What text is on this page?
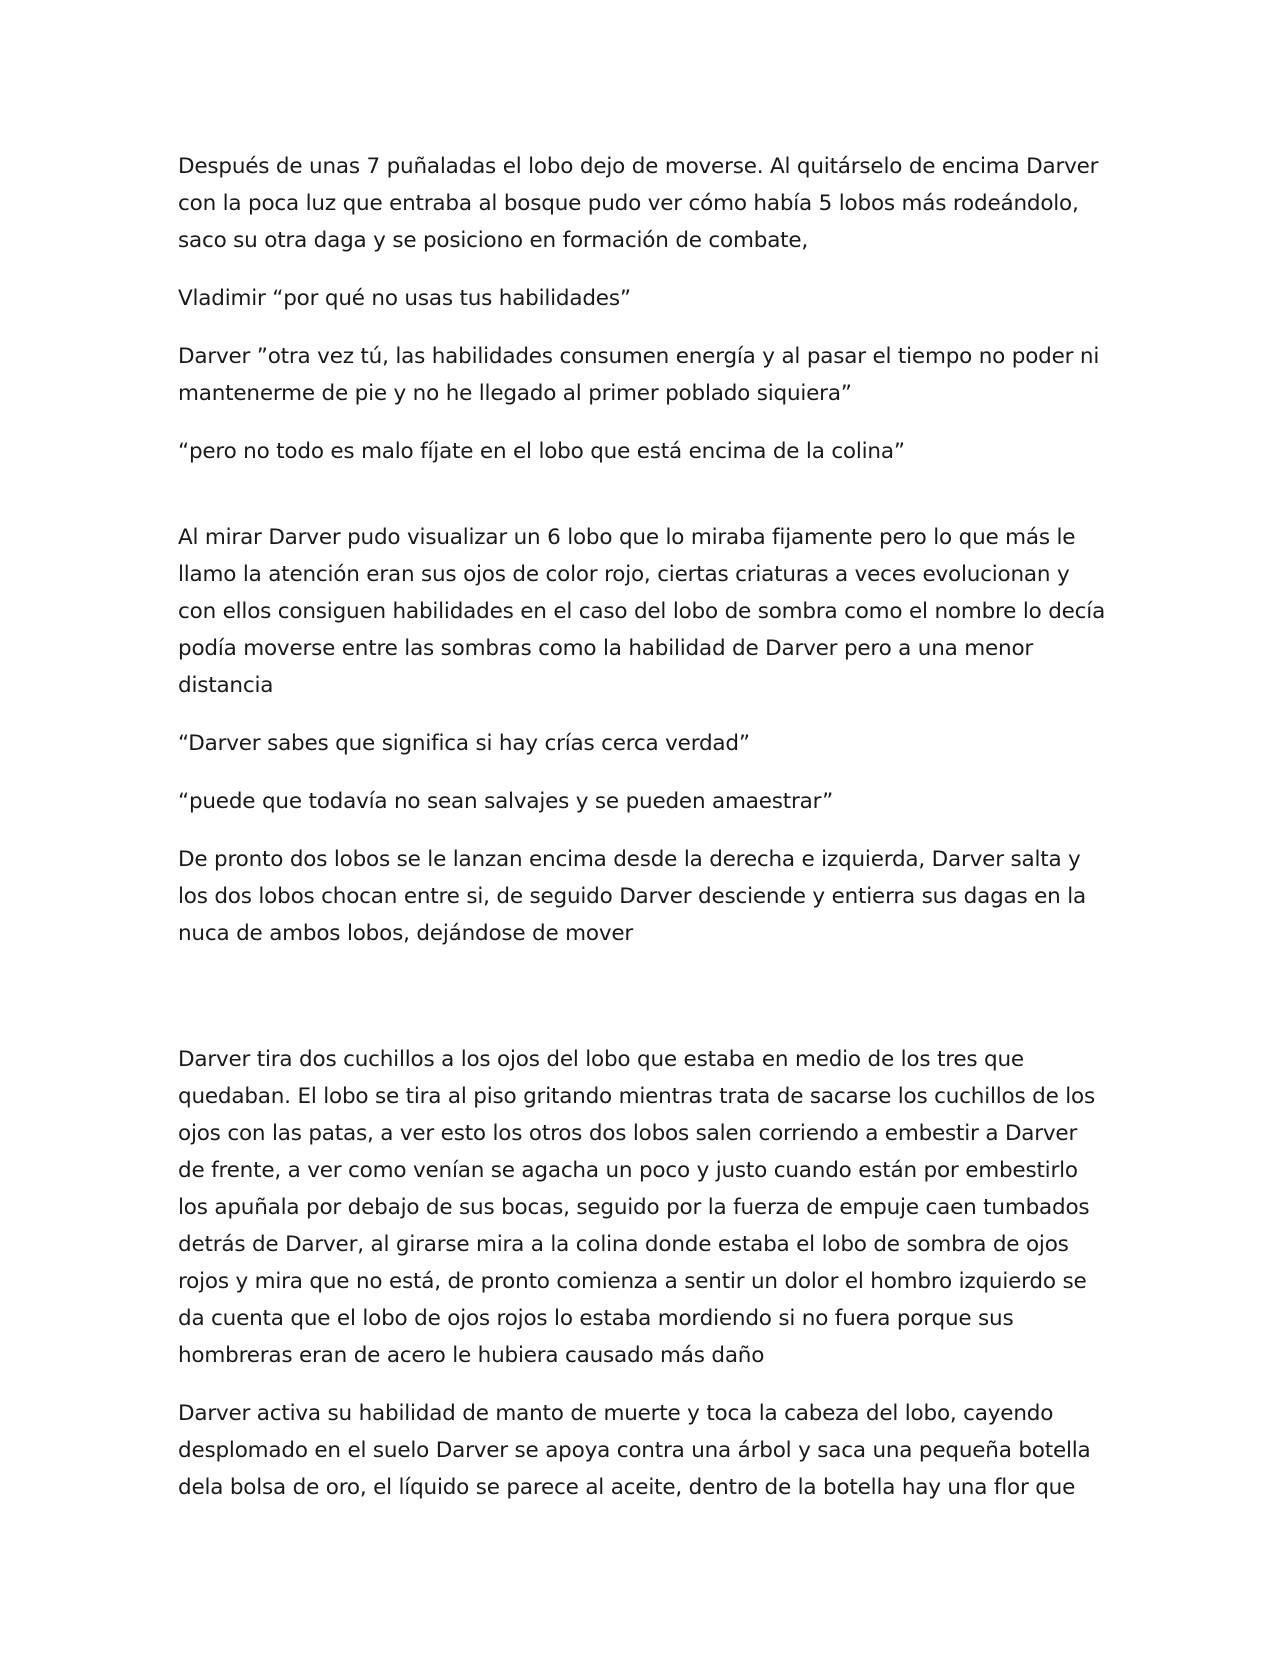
Después de unas 7 puñaladas el lobo dejo de moverse. Al quitárselo de encima Darver
con la poca luz que entraba al bosque pudo ver cómo había 5 lobos más rodeándolo,
saco su otra daga y se posiciono en formación de combate,

Vladimir “por qué no usas tus habilidades”

Darver ”otra vez tú, las habilidades consumen energía y al pasar el tiempo no poder ni
mantenerme de pie y no he llegado al primer poblado siquiera”

“pero no todo es malo fíjate en el lobo que está encima de la colina”

Al mirar Darver pudo visualizar un 6 lobo que lo miraba fijamente pero lo que más le
llamo la atención eran sus ojos de color rojo, ciertas criaturas a veces evolucionan y
con ellos consiguen habilidades en el caso del lobo de sombra como el nombre lo decía
podía moverse entre las sombras como la habilidad de Darver pero a una menor
distancia

“Darver sabes que significa si hay crías cerca verdad”

“puede que todavía no sean salvajes y se pueden amaestrar”

De pronto dos lobos se le lanzan encima desde la derecha e izquierda, Darver salta y
los dos lobos chocan entre si, de seguido Darver desciende y entierra sus dagas en la
nuca de ambos lobos, dejándose de mover

Darver tira dos cuchillos a los ojos del lobo que estaba en medio de los tres que
quedaban. El lobo se tira al piso gritando mientras trata de sacarse los cuchillos de los
ojos con las patas, a ver esto los otros dos lobos salen corriendo a embestir a Darver
de frente, a ver como venían se agacha un poco y justo cuando están por embestirlo
los apuñala por debajo de sus bocas, seguido por la fuerza de empuje caen tumbados
detrás de Darver, al girarse mira a la colina donde estaba el lobo de sombra de ojos
rojos y mira que no está, de pronto comienza a sentir un dolor el hombro izquierdo se
da cuenta que el lobo de ojos rojos lo estaba mordiendo si no fuera porque sus
hombreras eran de acero le hubiera causado más daño

Darver activa su habilidad de manto de muerte y toca la cabeza del lobo, cayendo
desplomado en el suelo Darver se apoya contra una árbol y saca una pequeña botella
dela bolsa de oro, el líquido se parece al aceite, dentro de la botella hay una flor que
